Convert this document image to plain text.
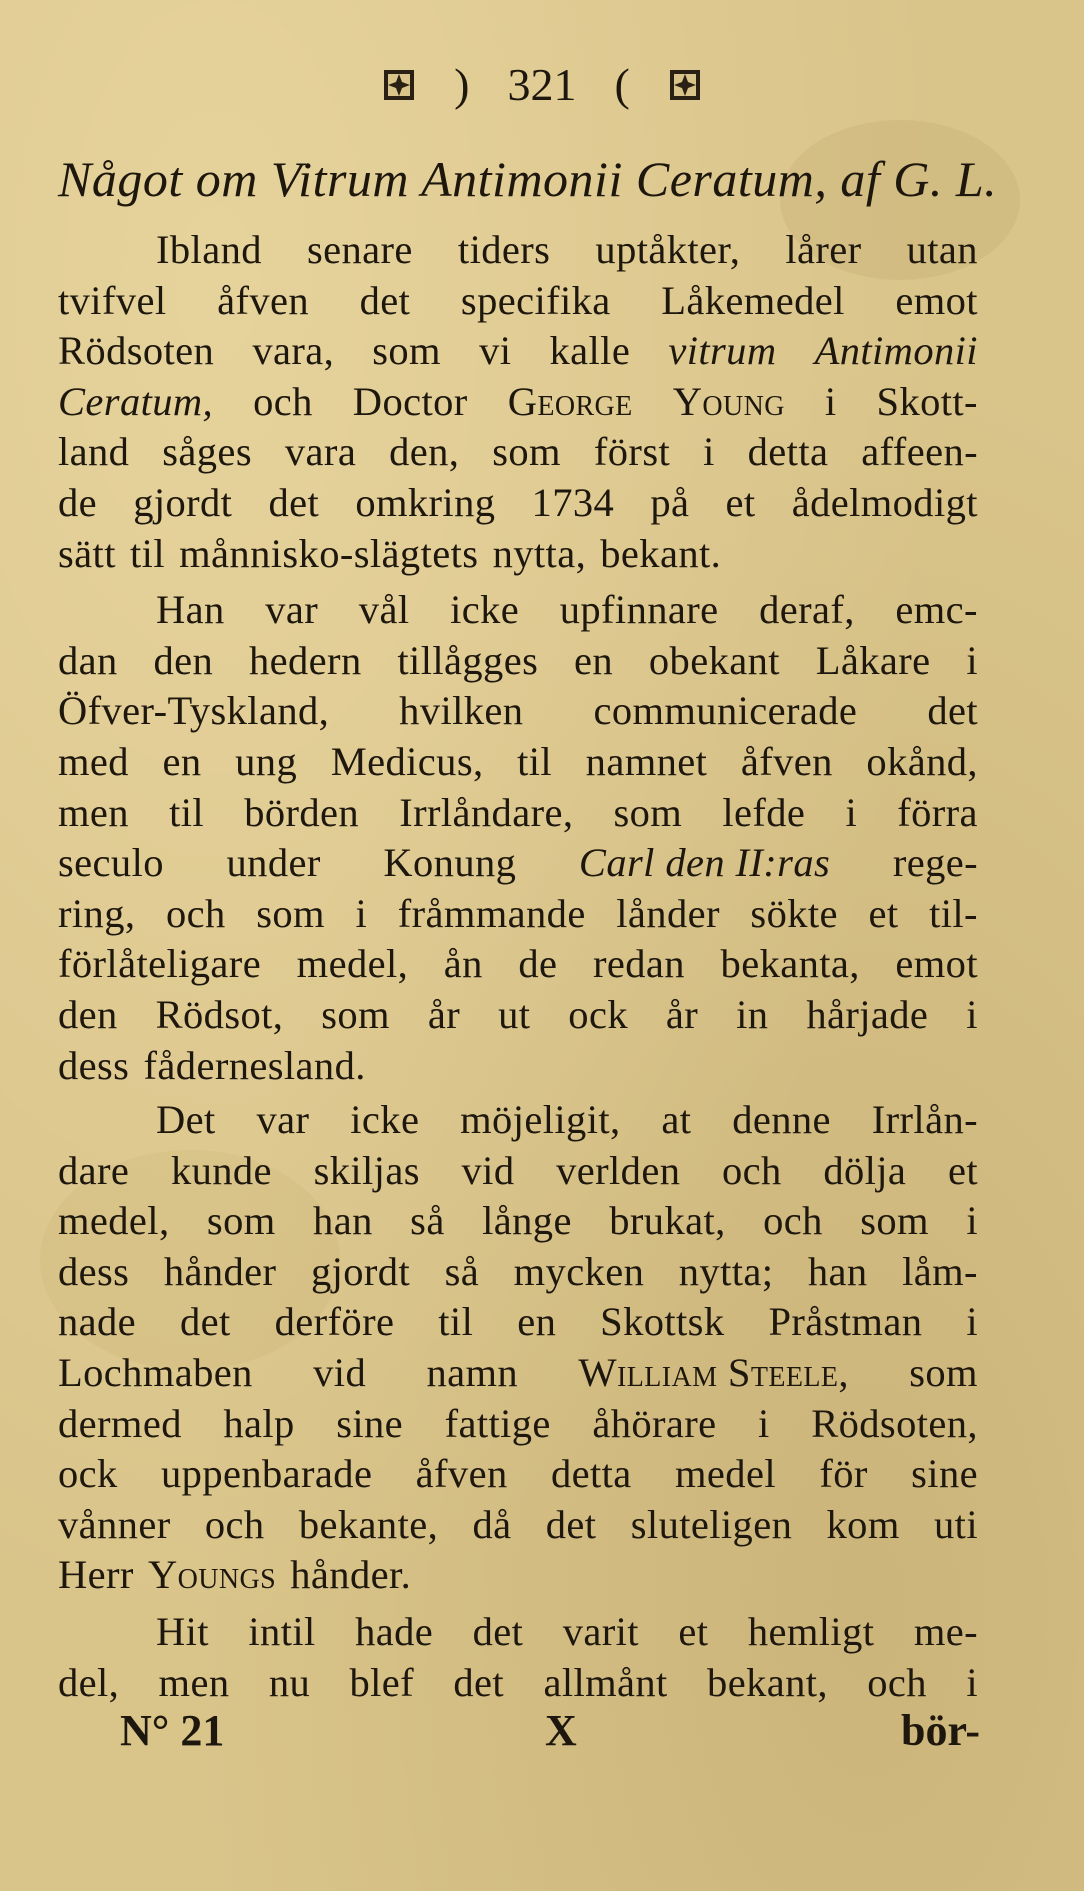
) 321 (
Något om Vitrum Antimonii Ceratum, af G. L.
Ibland senare tiders uptåkter, lårer utan
tvifvel åfven det specifika Låkemedel emot
Rödsoten vara, som vi kalle vitrum Antimonii
Ceratum, och Doctor George Young i Skott-
land såges vara den, som först i detta affeen-
de gjordt det omkring 1734 på et ådelmodigt
sätt til månnisko-slägtets nytta, bekant.
Han var vål icke upfinnare deraf, emc-
dan den hedern tillågges en obekant Låkare i
Öfver-Tyskland, hvilken communicerade det
med en ung Medicus, til namnet åfven okånd,
men til börden Irrlåndare, som lefde i förra
seculo under Konung Carl den II:ras rege-
ring, och som i fråmmande lånder sökte et til-
förlåteligare medel, ån de redan bekanta, emot
den Rödsot, som år ut ock år in hårjade i
dess fådernesland.
Det var icke möjeligit, at denne Irrlån-
dare kunde skiljas vid verlden och dölja et
medel, som han så långe brukat, och som i
dess hånder gjordt så mycken nytta; han låm-
nade det derföre til en Skottsk Pråstman i
Lochmaben vid namn William Steele, som
dermed halp sine fattige åhörare i Rödsoten,
ock uppenbarade åfven detta medel för sine
vånner och bekante, då det sluteligen kom uti
Herr Youngs hånder.
Hit intil hade det varit et hemligt me-
del, men nu blef det allmånt bekant, och i
N° 21	X	bör-
